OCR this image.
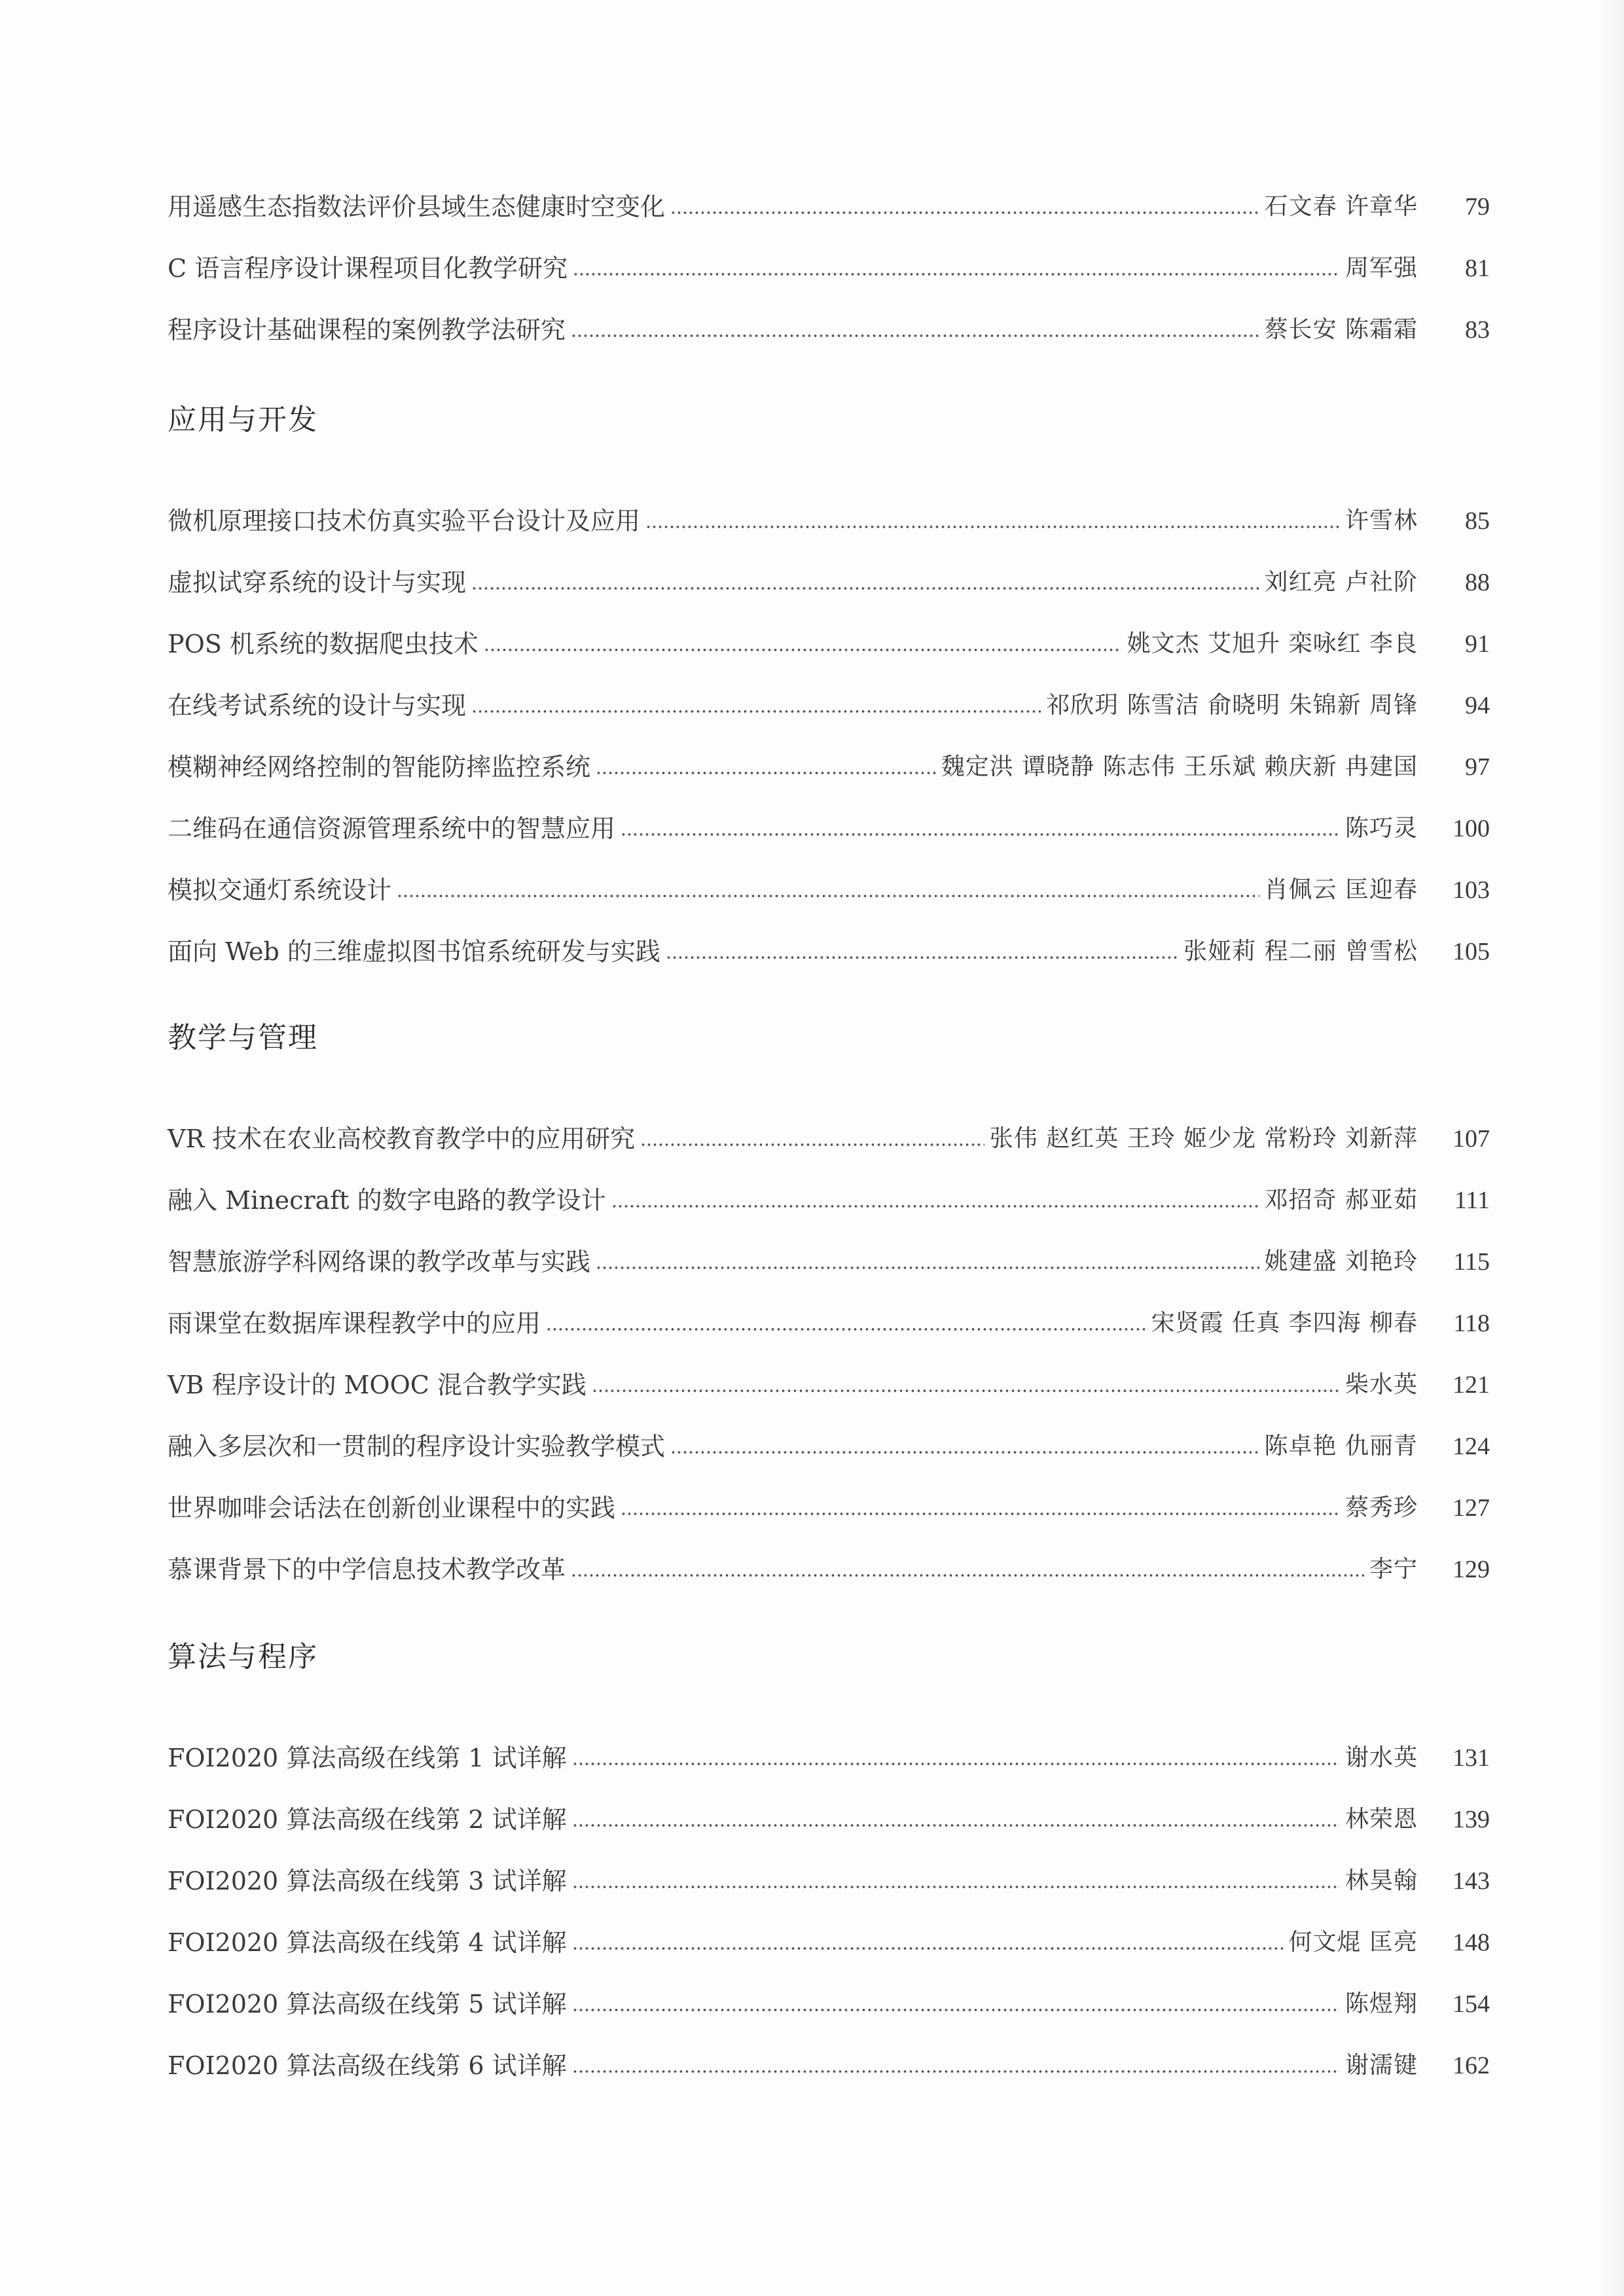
用遥感生态指数法评价县域生态健康时空变化	石文春 许章华	79
C 语言程序设计课程项目化教学研究	周军强	81
程序设计基础课程的案例教学法研究	蔡长安 陈霜霜	83
应用与开发
微机原理接口技术仿真实验平台设计及应用	许雪林	85
虚拟试穿系统的设计与实现	刘红亮 卢社阶	88
POS 机系统的数据爬虫技术	姚文杰 艾旭升 栾咏红 李良	91
在线考试系统的设计与实现	祁欣玥 陈雪洁 俞晓明 朱锦新 周锋	94
模糊神经网络控制的智能防摔监控系统	魏定洪 谭晓静 陈志伟 王乐斌 赖庆新 冉建国	97
二维码在通信资源管理系统中的智慧应用	陈巧灵	100
模拟交通灯系统设计	肖佩云 匡迎春	103
面向 Web 的三维虚拟图书馆系统研发与实践	张娅莉 程二丽 曾雪松	105
教学与管理
VR 技术在农业高校教育教学中的应用研究	张伟 赵红英 王玲 姬少龙 常粉玲 刘新萍	107
融入 Minecraft 的数字电路的教学设计	邓招奇 郝亚茹	111
智慧旅游学科网络课的教学改革与实践	姚建盛 刘艳玲	115
雨课堂在数据库课程教学中的应用	宋贤霞 任真 李四海 柳春	118
VB 程序设计的 MOOC 混合教学实践	柴水英	121
融入多层次和一贯制的程序设计实验教学模式	陈卓艳 仇丽青	124
世界咖啡会话法在创新创业课程中的实践	蔡秀珍	127
慕课背景下的中学信息技术教学改革	李宁	129
算法与程序
FOI2020 算法高级在线第 1 试详解	谢水英	131
FOI2020 算法高级在线第 2 试详解	林荣恩	139
FOI2020 算法高级在线第 3 试详解	林昊翰	143
FOI2020 算法高级在线第 4 试详解	何文焜 匡亮	148
FOI2020 算法高级在线第 5 试详解	陈煜翔	154
FOI2020 算法高级在线第 6 试详解	谢濡键	162
